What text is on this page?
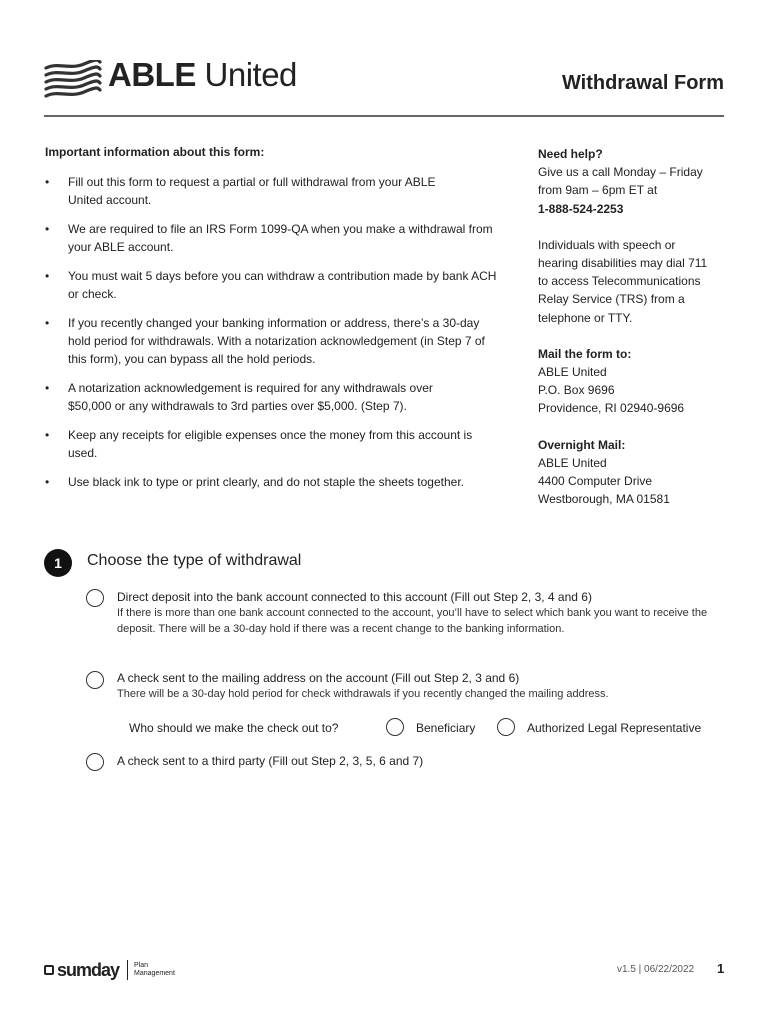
ABLE United	Withdrawal Form
Important information about this form:
• Fill out this form to request a partial or full withdrawal from your ABLE United account.
• We are required to file an IRS Form 1099-QA when you make a withdrawal from your ABLE account.
• You must wait 5 days before you can withdraw a contribution made by bank ACH or check.
• If you recently changed your banking information or address, there’s a 30-day hold period for withdrawals. With a notarization acknowledgement (in Step 7 of this form), you can bypass all the hold periods.
• A notarization acknowledgement is required for any withdrawals over $50,000 or any withdrawals to 3rd parties over $5,000. (Step 7).
• Keep any receipts for eligible expenses once the money from this account is used.
• Use black ink to type or print clearly, and do not staple the sheets together.

Need help?

Give us a call Monday – Friday

from 9am – 6pm ET at

1-888-524-2253

Individuals with speech or

hearing disabilities may dial 711

to access Telecommunications

Relay Service (TRS) from a

telephone or TTY.

Mail the form to:

ABLE United

P.O. Box 9696

Providence, RI 02940-9696

Overnight Mail:

ABLE United

4400 Computer Drive

Westborough, MA 01581

1	Choose the type of withdrawal
Direct deposit into the bank account connected to this account (Fill out Step 2, 3, 4 and 6)
If there is more than one bank account connected to the account, you’ll have to select which bank you want to receive the deposit. There will be a 30-day hold if there was a recent change to the banking information.
A check sent to the mailing address on the account (Fill out Step 2, 3 and 6)
There will be a 30-day hold period for check withdrawals if you recently changed the mailing address.
Who should we make the check out to?	Beneficiary	Authorized Legal Representative
A check sent to a third party (Fill out Step 2, 3, 5, 6 and 7)
sumday Plan
Management	v1.5 | 06/22/2022 1
